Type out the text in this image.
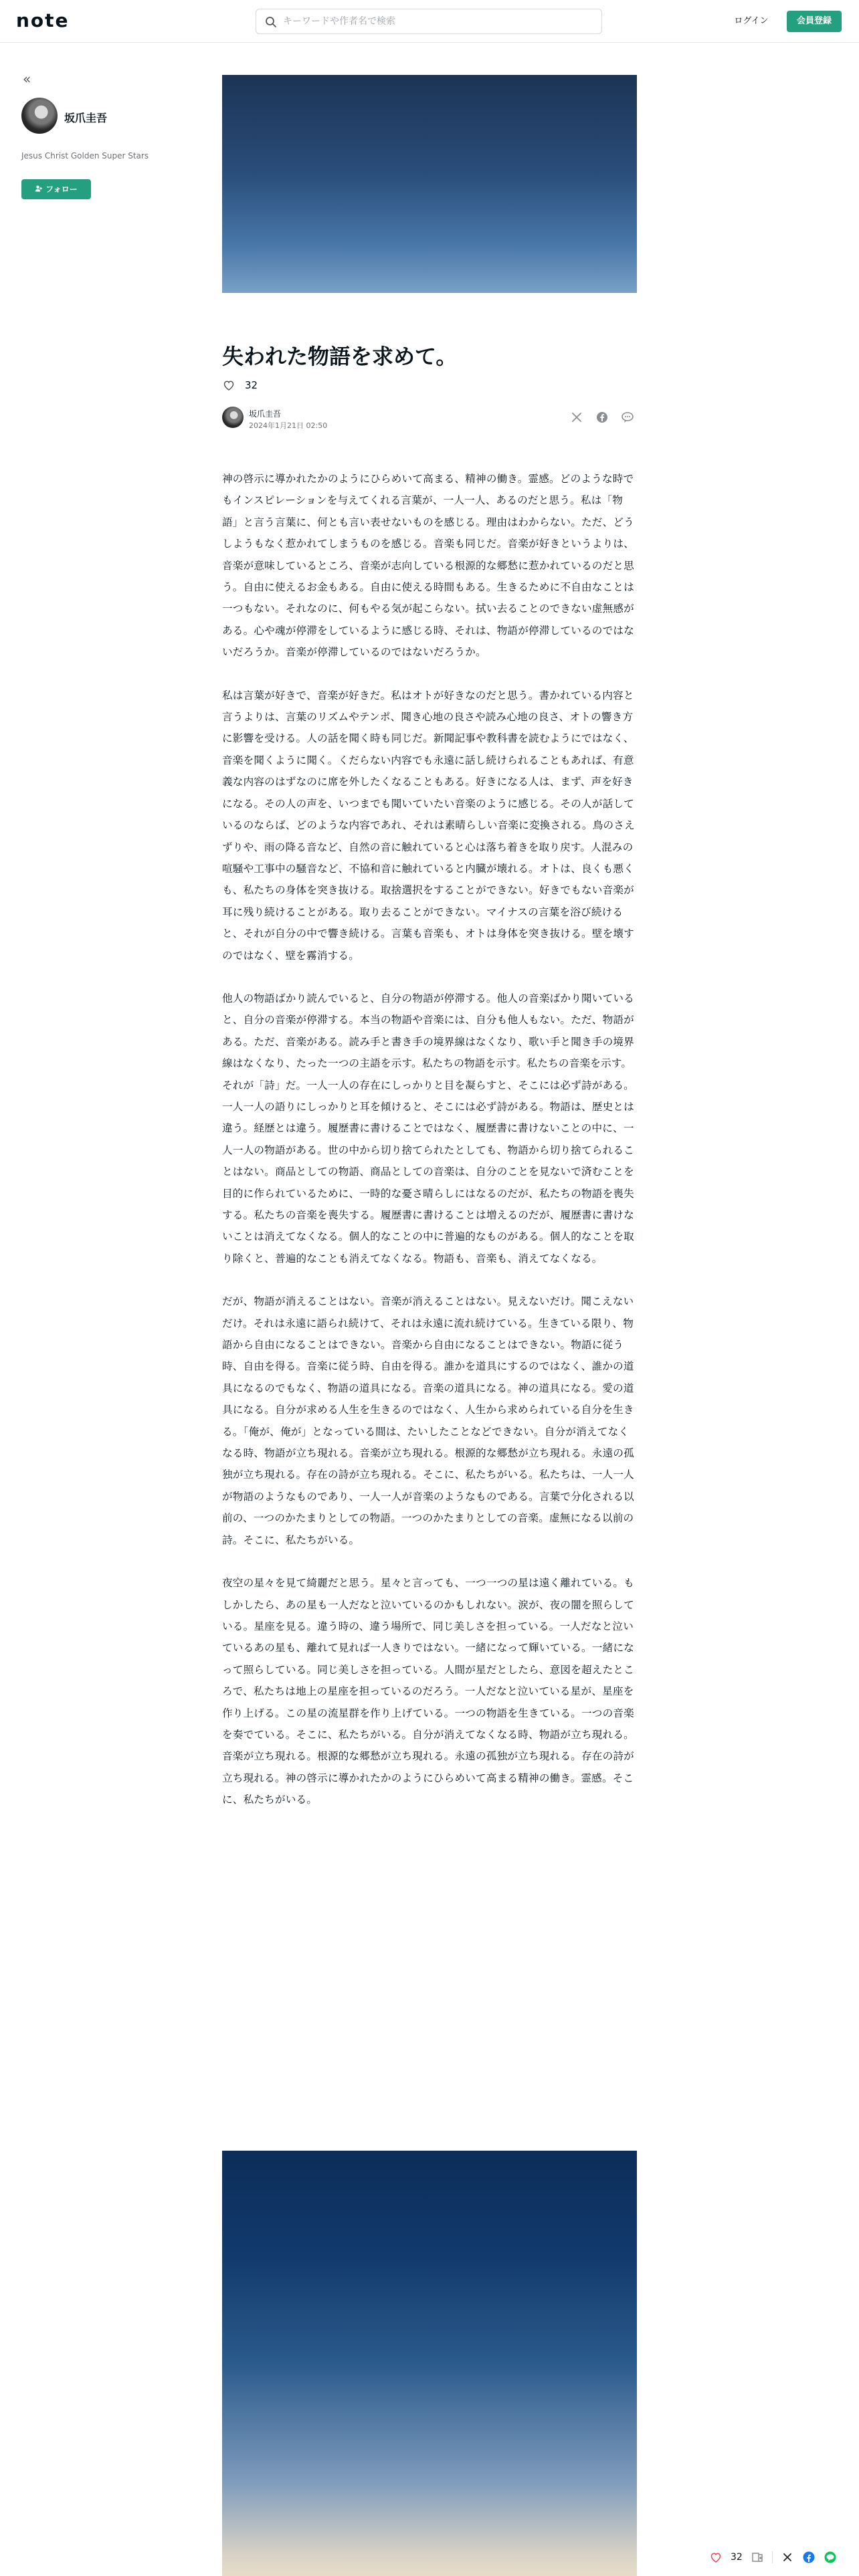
note
キーワードや作者名で検索	ログイン	会員登録
«
坂爪圭吾
Jesus Christ Golden Super Stars
フォロー
失われた物語を求めて。
32
坂爪圭吾
2024年1月21日 02:50

神の啓示に導かれたかのようにひらめいて高まる、精神の働き。霊感。どのような時でもインスピレーションを与えてくれる言葉が、一人一人、あるのだと思う。私は「物語」と言う言葉に、何とも言い表せないものを感じる。理由はわからない。ただ、どうしようもなく惹かれてしまうものを感じる。音楽も同じだ。音楽が好きというよりは、音楽が意味しているところ、音楽が志向している根源的な郷愁に惹かれているのだと思う。自由に使えるお金もある。自由に使える時間もある。生きるために不自由なことは一つもない。それなのに、何もやる気が起こらない。拭い去ることのできない虚無感がある。心や魂が停滞をしているように感じる時、それは、物語が停滞しているのではないだろうか。音楽が停滞しているのではないだろうか。

私は言葉が好きで、音楽が好きだ。私はオトが好きなのだと思う。書かれている内容と言うよりは、言葉のリズムやテンポ、聞き心地の良さや読み心地の良さ、オトの響き方に影響を受ける。人の話を聞く時も同じだ。新聞記事や教科書を読むようにではなく、音楽を聞くように聞く。くだらない内容でも永遠に話し続けられることもあれば、有意義な内容のはずなのに席を外したくなることもある。好きになる人は、まず、声を好きになる。その人の声を、いつまでも聞いていたい音楽のように感じる。その人が話しているのならば、どのような内容であれ、それは素晴らしい音楽に変換される。鳥のさえずりや、雨の降る音など、自然の音に触れていると心は落ち着きを取り戻す。人混みの喧騒や工事中の騒音など、不協和音に触れていると内臓が壊れる。オトは、良くも悪くも、私たちの身体を突き抜ける。取捨選択をすることができない。好きでもない音楽が耳に残り続けることがある。取り去ることができない。マイナスの言葉を浴び続けると、それが自分の中で響き続ける。言葉も音楽も、オトは身体を突き抜ける。壁を壊すのではなく、壁を霧消する。

他人の物語ばかり読んでいると、自分の物語が停滞する。他人の音楽ばかり聞いていると、自分の音楽が停滞する。本当の物語や音楽には、自分も他人もない。ただ、物語がある。ただ、音楽がある。読み手と書き手の境界線はなくなり、歌い手と聞き手の境界線はなくなり、たった一つの主語を示す。私たちの物語を示す。私たちの音楽を示す。それが「詩」だ。一人一人の存在にしっかりと目を凝らすと、そこには必ず詩がある。一人一人の語りにしっかりと耳を傾けると、そこには必ず詩がある。物語は、歴史とは違う。経歴とは違う。履歴書に書けることではなく、履歴書に書けないことの中に、一人一人の物語がある。世の中から切り捨てられたとしても、物語から切り捨てられることはない。商品としての物語、商品としての音楽は、自分のことを見ないで済むことを目的に作られているために、一時的な憂さ晴らしにはなるのだが、私たちの物語を喪失する。私たちの音楽を喪失する。履歴書に書けることは増えるのだが、履歴書に書けないことは消えてなくなる。個人的なことの中に普遍的なものがある。個人的なことを取り除くと、普遍的なことも消えてなくなる。物語も、音楽も、消えてなくなる。

だが、物語が消えることはない。音楽が消えることはない。見えないだけ。聞こえないだけ。それは永遠に語られ続けて、それは永遠に流れ続けている。生きている限り、物語から自由になることはできない。音楽から自由になることはできない。物語に従う時、自由を得る。音楽に従う時、自由を得る。誰かを道具にするのではなく、誰かの道具になるのでもなく、物語の道具になる。音楽の道具になる。神の道具になる。愛の道具になる。自分が求める人生を生きるのではなく、人生から求められている自分を生きる。「俺が、俺が」となっている間は、たいしたことなどできない。自分が消えてなくなる時、物語が立ち現れる。音楽が立ち現れる。根源的な郷愁が立ち現れる。永遠の孤独が立ち現れる。存在の詩が立ち現れる。そこに、私たちがいる。私たちは、一人一人が物語のようなものであり、一人一人が音楽のようなものである。言葉で分化される以前の、一つのかたまりとしての物語。一つのかたまりとしての音楽。虚無になる以前の詩。そこに、私たちがいる。

夜空の星々を見て綺麗だと思う。星々と言っても、一つ一つの星は遠く離れている。もしかしたら、あの星も一人だなと泣いているのかもしれない。涙が、夜の闇を照らしている。星座を見る。違う時の、違う場所で、同じ美しさを担っている。一人だなと泣いているあの星も、離れて見れば一人きりではない。一緒になって輝いている。一緒になって照らしている。同じ美しさを担っている。人間が星だとしたら、意図を超えたところで、私たちは地上の星座を担っているのだろう。一人だなと泣いている星が、星座を作り上げる。この星の流星群を作り上げている。一つの物語を生きている。一つの音楽を奏でている。そこに、私たちがいる。自分が消えてなくなる時、物語が立ち現れる。音楽が立ち現れる。根源的な郷愁が立ち現れる。永遠の孤独が立ち現れる。存在の詩が立ち現れる。神の啓示に導かれたかのようにひらめいて高まる精神の働き。霊感。そこに、私たちがいる。

32
